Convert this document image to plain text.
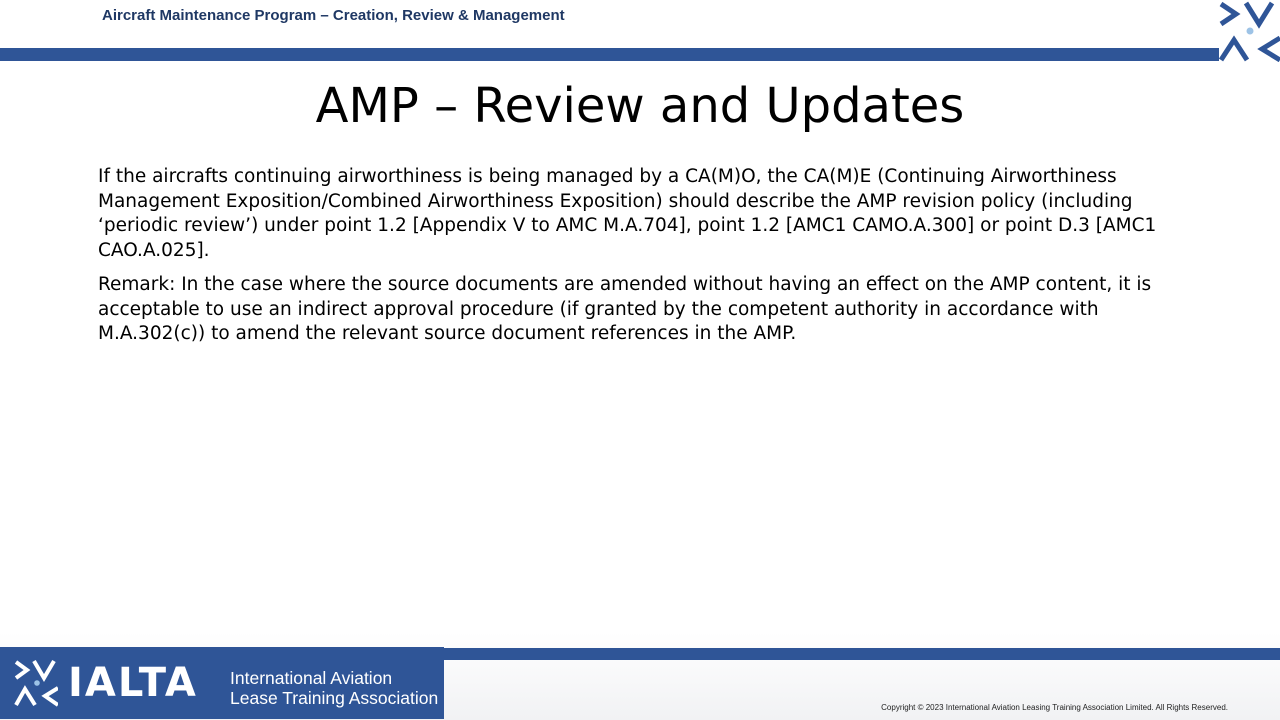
Aircraft Maintenance Program – Creation, Review & Management
AMP – Review and Updates

If the aircrafts continuing airworthiness is being managed by a CA(M)O, the CA(M)E (Continuing Airworthiness Management Exposition/Combined Airworthiness Exposition) should describe the AMP revision policy (including ‘periodic review’) under point 1.2 [Appendix V to AMC M.A.704], point 1.2 [AMC1 CAMO.A.300] or point D.3 [AMC1 CAO.A.025].

Remark: In the case where the source documents are amended without having an effect on the AMP content, it is acceptable to use an indirect approval procedure (if granted by the competent authority in accordance with M.A.302(c)) to amend the relevant source document references in the AMP.

IALTA International Aviation
Lease Training Association	Copyright © 2023 International Aviation Leasing Training Association Limited. All Rights Reserved.
